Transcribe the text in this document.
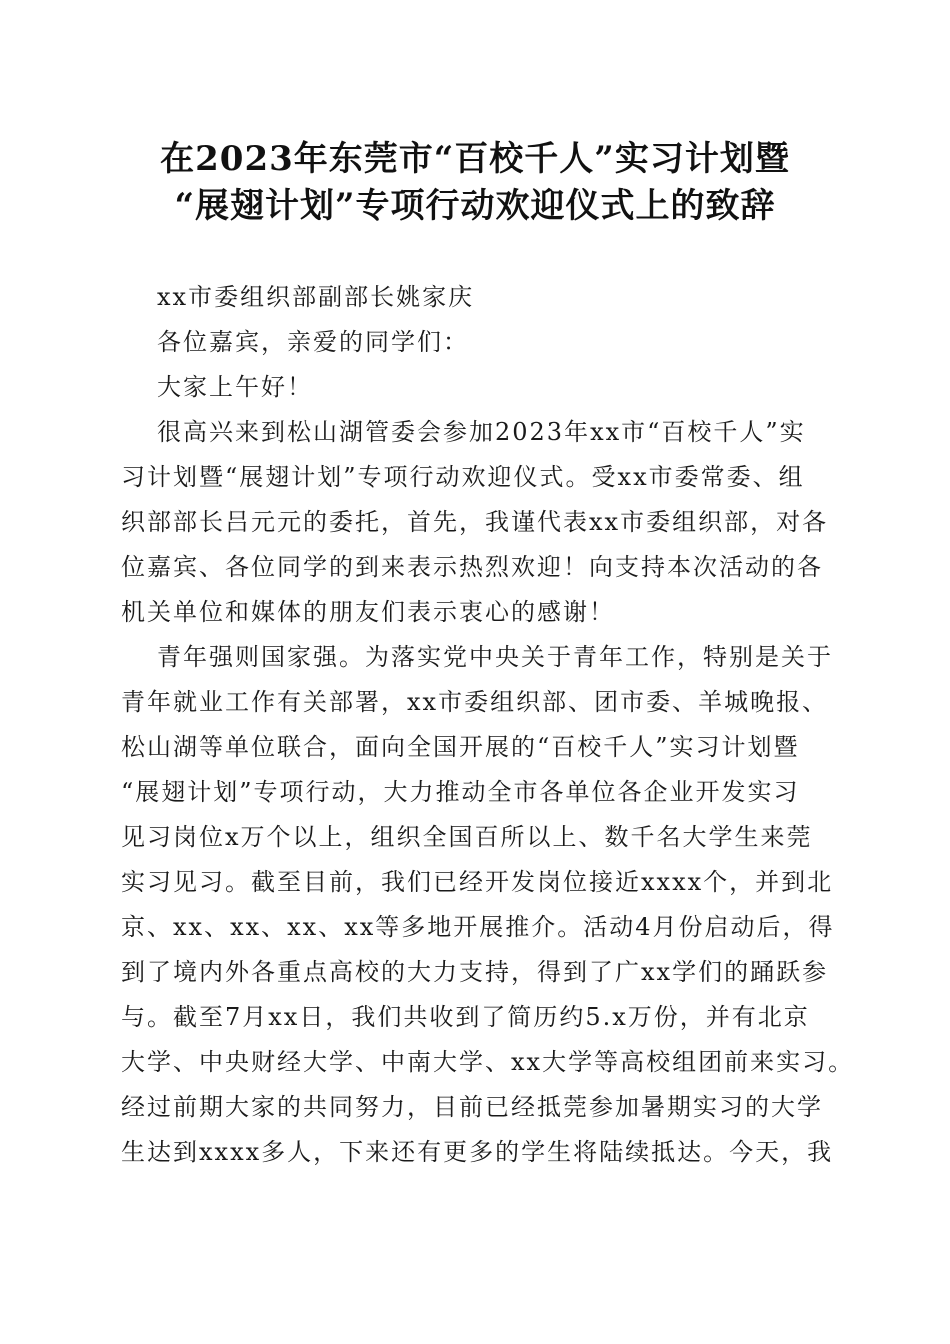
在2023年东莞市“百校千人”实习计划暨
“展翅计划”专项行动欢迎仪式上的致辞
xx市委组织部副部长姚家庆
各位嘉宾，亲爱的同学们：
大家上午好！
很高兴来到松山湖管委会参加2023年xx市“百校千人”实
习计划暨“展翅计划”专项行动欢迎仪式。受xx市委常委、组
织部部长吕元元的委托，首先，我谨代表xx市委组织部，对各
位嘉宾、各位同学的到来表示热烈欢迎！向支持本次活动的各
机关单位和媒体的朋友们表示衷心的感谢！
青年强则国家强。为落实党中央关于青年工作，特别是关于
青年就业工作有关部署，xx市委组织部、团市委、羊城晚报、
松山湖等单位联合，面向全国开展的“百校千人”实习计划暨
“展翅计划”专项行动，大力推动全市各单位各企业开发实习
见习岗位x万个以上，组织全国百所以上、数千名大学生来莞
实习见习。截至目前，我们已经开发岗位接近xxxx个，并到北
京、xx、xx、xx、xx等多地开展推介。活动4月份启动后，得
到了境内外各重点高校的大力支持，得到了广xx学们的踊跃参
与。截至7月xx日，我们共收到了简历约5.x万份，并有北京
大学、中央财经大学、中南大学、xx大学等高校组团前来实习。
经过前期大家的共同努力，目前已经抵莞参加暑期实习的大学
生达到xxxx多人，下来还有更多的学生将陆续抵达。今天，我
